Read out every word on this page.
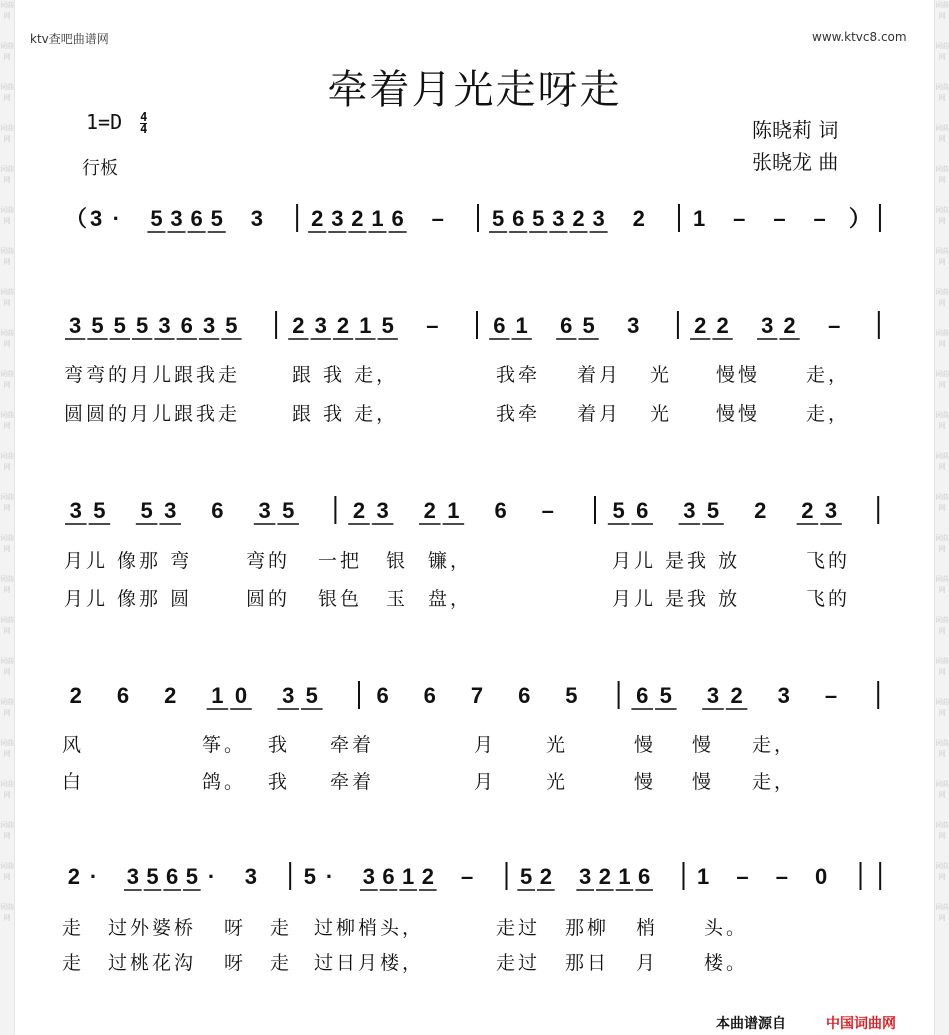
词曲网
词曲网
词曲网
词曲网
词曲网
词曲网
词曲网
词曲网
词曲网
词曲网
词曲网
词曲网
词曲网
词曲网
词曲网
词曲网
词曲网
词曲网
词曲网
词曲网
词曲网
词曲网
词曲网
词曲网
词曲网
词曲网
词曲网
词曲网
词曲网
词曲网
词曲网
词曲网
词曲网
词曲网
词曲网
词曲网
词曲网
词曲网
词曲网
词曲网
词曲网
词曲网
词曲网
词曲网
词曲网
词曲网
ktv查吧曲谱网	www.ktvc8.com
牵着月光走呀走
$1=D \frac{4}{4}$
行板
陈晓莉 词
张晓龙 曲
（ 3 · 5 3 6 5 3 2 3 2 1 6 – 5 6 5 3 2 3 2 1 – – – ）
3 5 5 5 3 6 3 5 2 3 2 1 5 – 6 1 6 5 3 2 2 3 2 –
3 5 5 3 6 3 5	2 3 2 1 6 –	5 6 3 5 2 2 3
2 6 2 1 0 3 5	6 6 7 6 5	6 5 3 2 3 –
2 · 3 5 6 5 · 3 5 · 3 6 1 2 – 5 2 3 2 1 6 1 – – 0
弯弯的月儿跟我走	跟 我 走，	我牵 着月 光 慢慢 走，
圆圆的月儿跟我走	跟 我 走，	我牵 着月 光 慢慢 走，
月儿 像那 弯	弯的 一把 银 镰，	月儿 是我 放	飞的
月儿 像那 圆	圆的 银色 玉 盘，	月儿 是我 放	飞的
风	筝。 我 牵着	月	光	慢 慢 走，
白	鸽。 我 牵着	月	光	慢 慢 走，
走 过外婆桥 呀 走 过柳梢头，	走过 那柳 梢 头。
走 过桃花沟 呀 走 过日月楼，	走过 那日 月 楼。
本曲谱源自	中国词曲网
